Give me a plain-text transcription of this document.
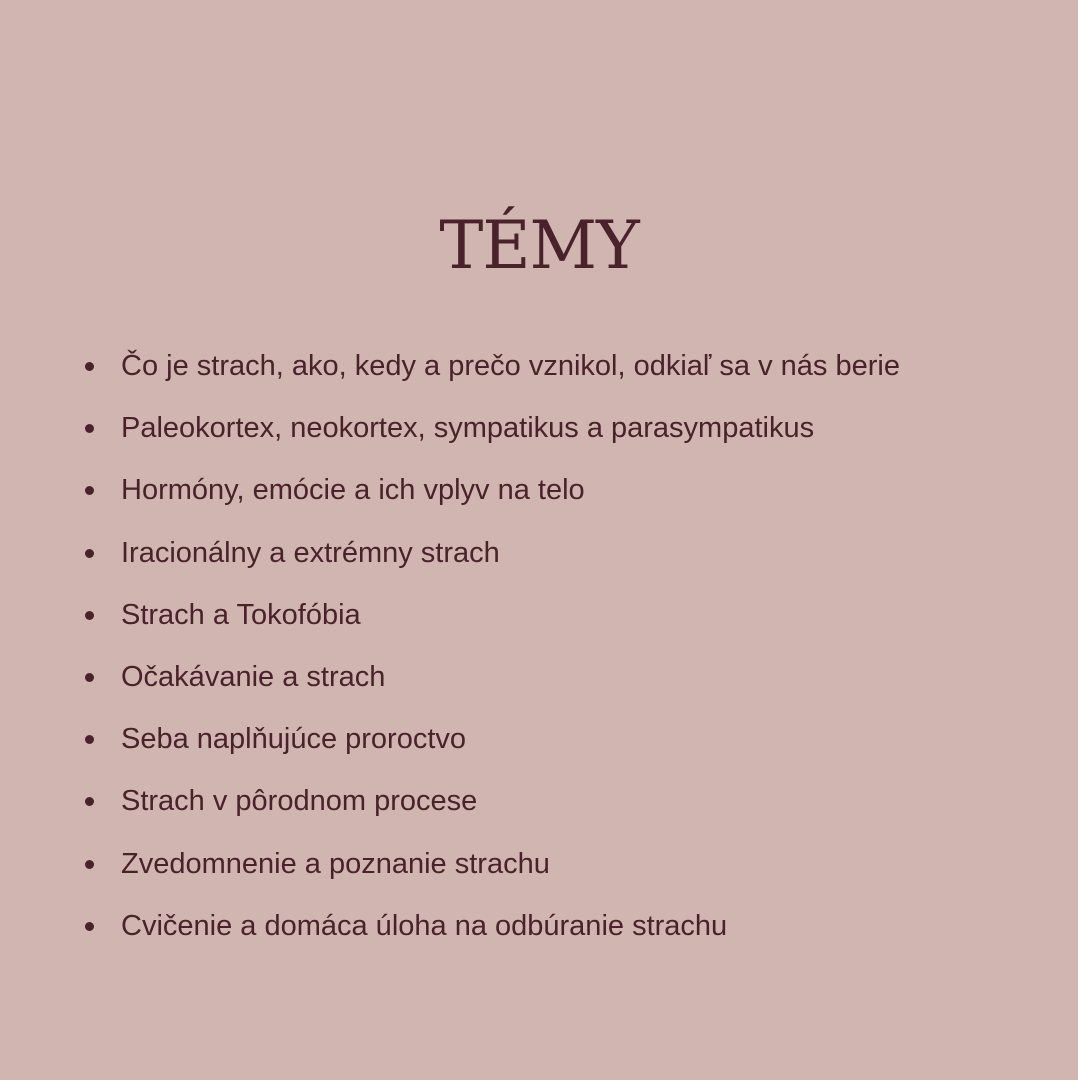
TÉMY
Čo je strach, ako, kedy a prečo vznikol, odkiaľ sa v nás berie
Paleokortex, neokortex, sympatikus a parasympatikus
Hormóny, emócie a ich vplyv na telo
Iracionálny a extrémny strach
Strach a Tokofóbia
Očakávanie a strach
Seba naplňujúce proroctvo
Strach v pôrodnom procese
Zvedomnenie a poznanie strachu
Cvičenie a domáca úloha na odbúranie strachu
